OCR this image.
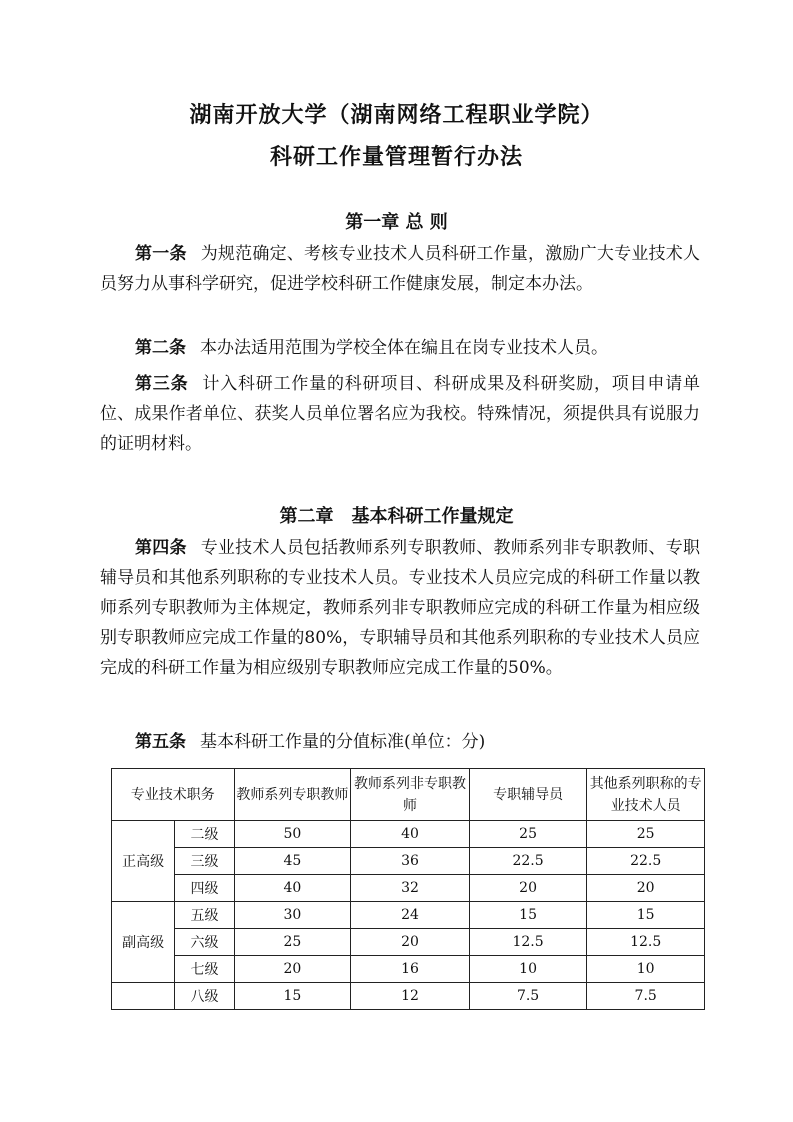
湖南开放大学（湖南网络工程职业学院）
科研工作量管理暂行办法
第一章 总 则

第一条 为规范确定、考核专业技术人员科研工作量，激励广大专业技术人员努力从事科学研究，促进学校科研工作健康发展，制定本办法。

第二条 本办法适用范围为学校全体在编且在岗专业技术人员。

第三条 计入科研工作量的科研项目、科研成果及科研奖励，项目申请单位、成果作者单位、获奖人员单位署名应为我校。特殊情况，须提供具有说服力的证明材料。

第二章　基本科研工作量规定

第四条 专业技术人员包括教师系列专职教师、教师系列非专职教师、专职辅导员和其他系列职称的专业技术人员。专业技术人员应完成的科研工作量以教师系列专职教师为主体规定，教师系列非专职教师应完成的科研工作量为相应级别专职教师应完成工作量的80%，专职辅导员和其他系列职称的专业技术人员应完成的科研工作量为相应级别专职教师应完成工作量的50%。

第五条 基本科研工作量的分值标准(单位：分)

专业技术职务		教师系列专职教师	教师系列非专职教师	专职辅导员	其他系列职称的专业技术人员
正高级	二级	50	40	25	25
	三级	45	36	22.5	22.5
	四级	40	32	20	20
副高级	五级	30	24	15	15
	六级	25	20	12.5	12.5
	七级	20	16	10	10
	八级	15	12	7.5	7.5
